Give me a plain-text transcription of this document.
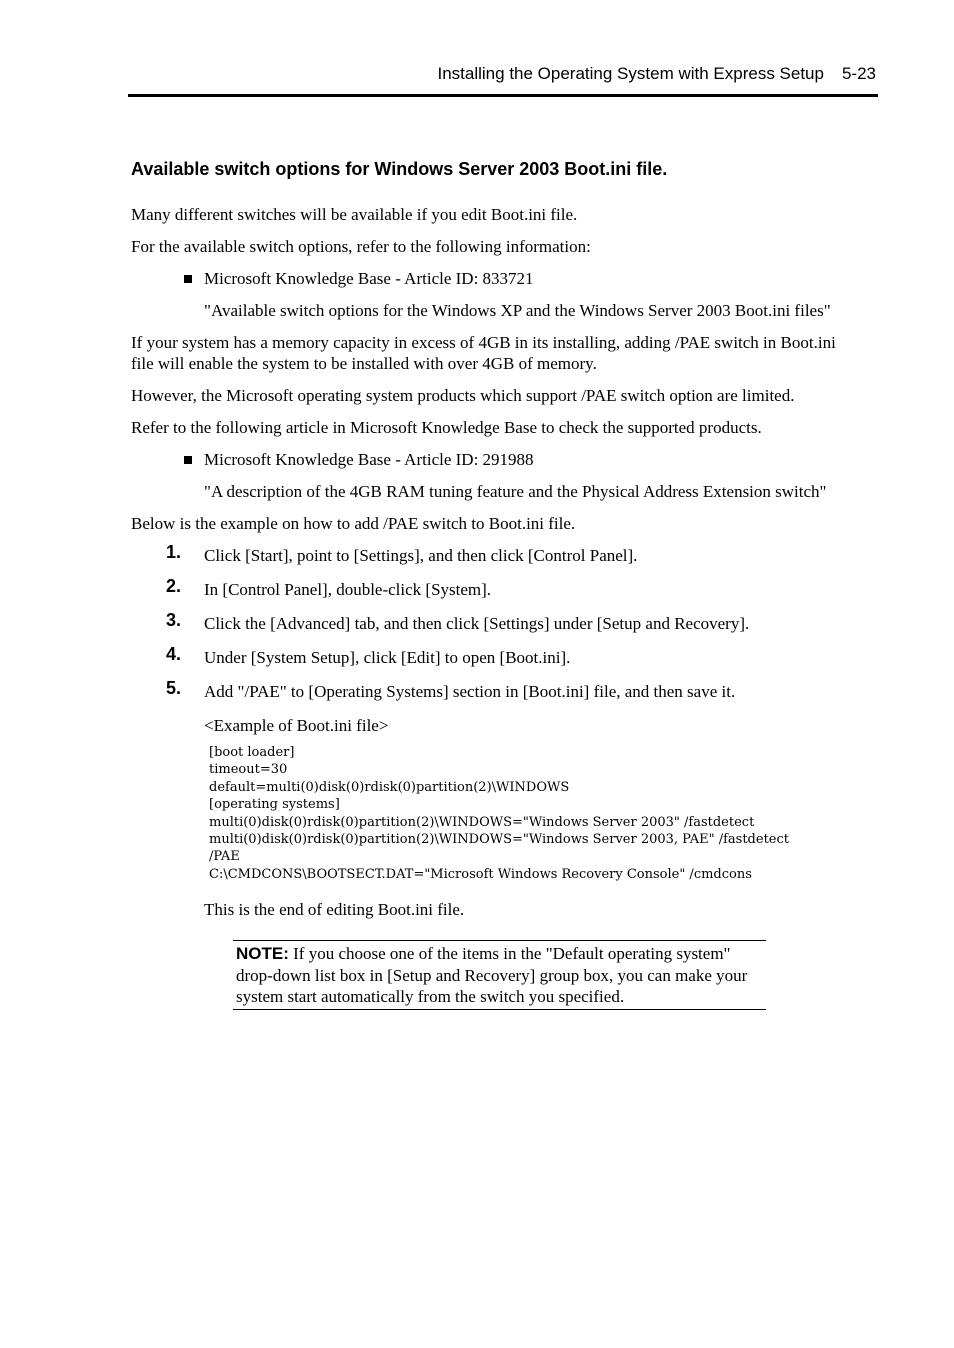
Installing the Operating System with Express Setup 5-23
Available switch options for Windows Server 2003 Boot.ini file.

Many different switches will be available if you edit Boot.ini file.

For the available switch options, refer to the following information:

Microsoft Knowledge Base - Article ID: 833721
"Available switch options for the Windows XP and the Windows Server 2003 Boot.ini files"

If your system has a memory capacity in excess of 4GB in its installing, adding /PAE switch in Boot.ini file will enable the system to be installed with over 4GB of memory.

However, the Microsoft operating system products which support /PAE switch option are limited.

Refer to the following article in Microsoft Knowledge Base to check the supported products.

Microsoft Knowledge Base - Article ID: 291988
"A description of the 4GB RAM tuning feature and the Physical Address Extension switch"

Below is the example on how to add /PAE switch to Boot.ini file.

1. Click [Start], point to [Settings], and then click [Control Panel].
2. In [Control Panel], double-click [System].
3. Click the [Advanced] tab, and then click [Settings] under [Setup and Recovery].
4. Under [System Setup], click [Edit] to open [Boot.ini].
5. Add "/PAE" to [Operating Systems] section in [Boot.ini] file, and then save it.

<Example of Boot.ini file>

[boot loader]
timeout=30
default=multi(0)disk(0)rdisk(0)partition(2)\WINDOWS
[operating systems]
multi(0)disk(0)rdisk(0)partition(2)\WINDOWS="Windows Server 2003" /fastdetect
multi(0)disk(0)rdisk(0)partition(2)\WINDOWS="Windows Server 2003, PAE" /fastdetect
/PAE
C:\CMDCONS\BOOTSECT.DAT="Microsoft Windows Recovery Console" /cmdcons

This is the end of editing Boot.ini file.

NOTE: If you choose one of the items in the "Default operating system" drop-down list box in [Setup and Recovery] group box, you can make your system start automatically from the switch you specified.
